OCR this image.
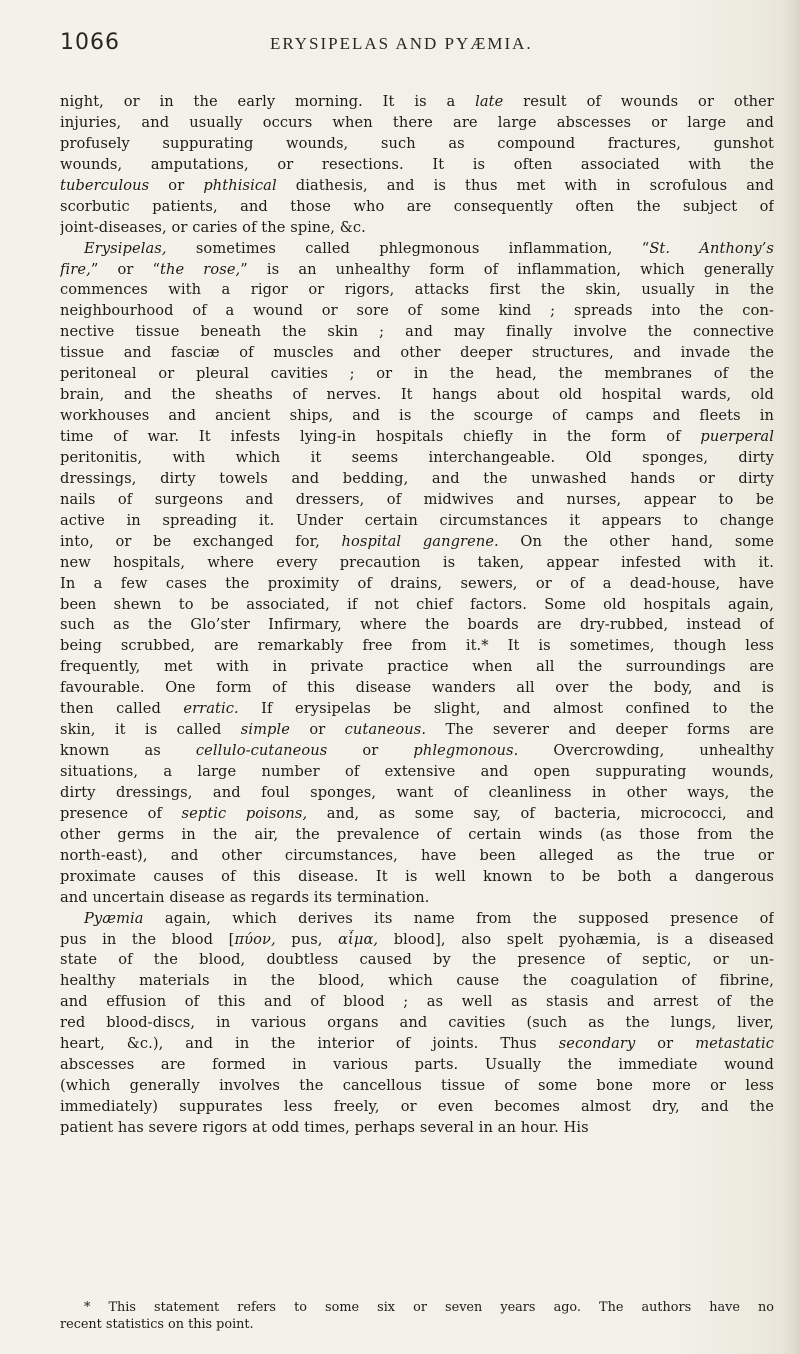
1066	ERYSIPELAS AND PYÆMIA.
night, or in the early morning. It is a late result of wounds or other
injuries, and usually occurs when there are large abscesses or large and
profusely suppurating wounds, such as compound fractures, gunshot
wounds, amputations, or resections. It is often associated with the
tuberculous or phthisical diathesis, and is thus met with in scrofulous and
scorbutic patients, and those who are consequently often the subject of
joint-diseases, or caries of the spine, &c.
Erysipelas, sometimes called phlegmonous inflammation, “St. Anthony’s
fire,” or “the rose,” is an unhealthy form of inflammation, which generally
commences with a rigor or rigors, attacks first the skin, usually in the
neighbourhood of a wound or sore of some kind ; spreads into the con-
nective tissue beneath the skin ; and may finally involve the connective
tissue and fasciæ of muscles and other deeper structures, and invade the
peritoneal or pleural cavities ; or in the head, the membranes of the
brain, and the sheaths of nerves. It hangs about old hospital wards, old
workhouses and ancient ships, and is the scourge of camps and fleets in
time of war. It infests lying-in hospitals chiefly in the form of puerperal
peritonitis, with which it seems interchangeable. Old sponges, dirty
dressings, dirty towels and bedding, and the unwashed hands or dirty
nails of surgeons and dressers, of midwives and nurses, appear to be
active in spreading it. Under certain circumstances it appears to change
into, or be exchanged for, hospital gangrene. On the other hand, some
new hospitals, where every precaution is taken, appear infested with it.
In a few cases the proximity of drains, sewers, or of a dead-house, have
been shewn to be associated, if not chief factors. Some old hospitals again,
such as the Glo’ster Infirmary, where the boards are dry-rubbed, instead of
being scrubbed, are remarkably free from it.* It is sometimes, though less
frequently, met with in private practice when all the surroundings are
favourable. One form of this disease wanders all over the body, and is
then called erratic. If erysipelas be slight, and almost confined to the
skin, it is called simple or cutaneous. The severer and deeper forms are
known as cellulo-cutaneous or phlegmonous. Overcrowding, unhealthy
situations, a large number of extensive and open suppurating wounds,
dirty dressings, and foul sponges, want of cleanliness in other ways, the
presence of septic poisons, and, as some say, of bacteria, micrococci, and
other germs in the air, the prevalence of certain winds (as those from the
north-east), and other circumstances, have been alleged as the true or
proximate causes of this disease. It is well known to be both a dangerous
and uncertain disease as regards its termination.
Pyæmia again, which derives its name from the supposed presence of
pus in the blood [πύον, pus, αἷμα, blood], also spelt pyohæmia, is a diseased
state of the blood, doubtless caused by the presence of septic, or un-
healthy materials in the blood, which cause the coagulation of fibrine,
and effusion of this and of blood ; as well as stasis and arrest of the
red blood-discs, in various organs and cavities (such as the lungs, liver,
heart, &c.), and in the interior of joints. Thus secondary or metastatic
abscesses are formed in various parts. Usually the immediate wound
(which generally involves the cancellous tissue of some bone more or less
immediately) suppurates less freely, or even becomes almost dry, and the
patient has severe rigors at odd times, perhaps several in an hour. His
* This statement refers to some six or seven years ago. The authors have no
recent statistics on this point.
